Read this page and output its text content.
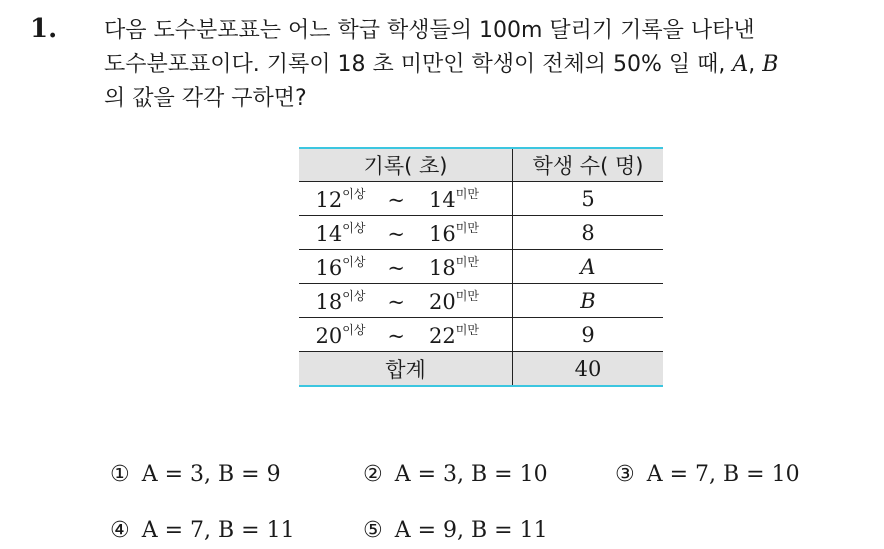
1. 다음 도수분포표는 어느 학급 학생들의 100m 달리기 기록을 나타낸
도수분포표이다. 기록이 18 초 미만인 학생이 전체의 50% 일 때, A, B
의 값을 각각 구하면?
기록( 초)	학생 수( 명)
$12^{이상}$ ~ $14^{미만}$	5
$14^{이상}$ ~ $16^{미만}$	8
$16^{이상}$ ~ $18^{미만}$	A
$18^{이상}$ ~ $20^{미만}$	B
$20^{이상}$ ~ $22^{미만}$	9
합계	40
① A = 3, B = 9	② A = 3, B = 10	③ A = 7, B = 10
④ A = 7, B = 11	⑤ A = 9, B = 11
